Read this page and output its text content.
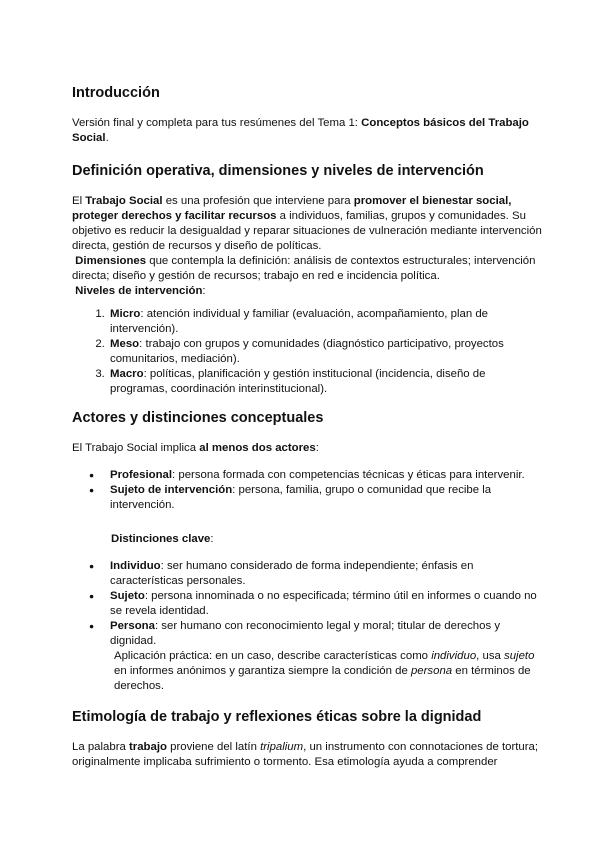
Introducción

Versión final y completa para tus resúmenes del Tema 1: Conceptos básicos del Trabajo Social.

Definición operativa, dimensiones y niveles de intervención

El Trabajo Social es una profesión que interviene para promover el bienestar social, proteger derechos y facilitar recursos a individuos, familias, grupos y comunidades. Su objetivo es reducir la desigualdad y reparar situaciones de vulneración mediante intervención directa, gestión de recursos y diseño de políticas.

Dimensiones que contempla la definición: análisis de contextos estructurales; intervención directa; diseño y gestión de recursos; trabajo en red e incidencia política.

Niveles de intervención:

1. Micro: atención individual y familiar (evaluación, acompañamiento, plan de intervención).
2. Meso: trabajo con grupos y comunidades (diagnóstico participativo, proyectos comunitarios, mediación).
3. Macro: políticas, planificación y gestión institucional (incidencia, diseño de programas, coordinación interinstitucional).
Actores y distinciones conceptuales

El Trabajo Social implica al menos dos actores:

● Profesional: persona formada con competencias técnicas y éticas para intervenir.
● Sujeto de intervención: persona, familia, grupo o comunidad que recibe la intervención.

Distinciones clave:

● Individuo: ser humano considerado de forma independiente; énfasis en características personales.
● Sujeto: persona innominada o no especificada; término útil en informes o cuando no se revela identidad.
● Persona: ser humano con reconocimiento legal y moral; titular de derechos y dignidad.
Aplicación práctica: en un caso, describe características como individuo, usa sujeto en informes anónimos y garantiza siempre la condición de persona en términos de derechos.
Etimología de trabajo y reflexiones éticas sobre la dignidad

La palabra trabajo proviene del latín tripalium, un instrumento con connotaciones de tortura; originalmente implicaba sufrimiento o tormento. Esa etimología ayuda a comprender
